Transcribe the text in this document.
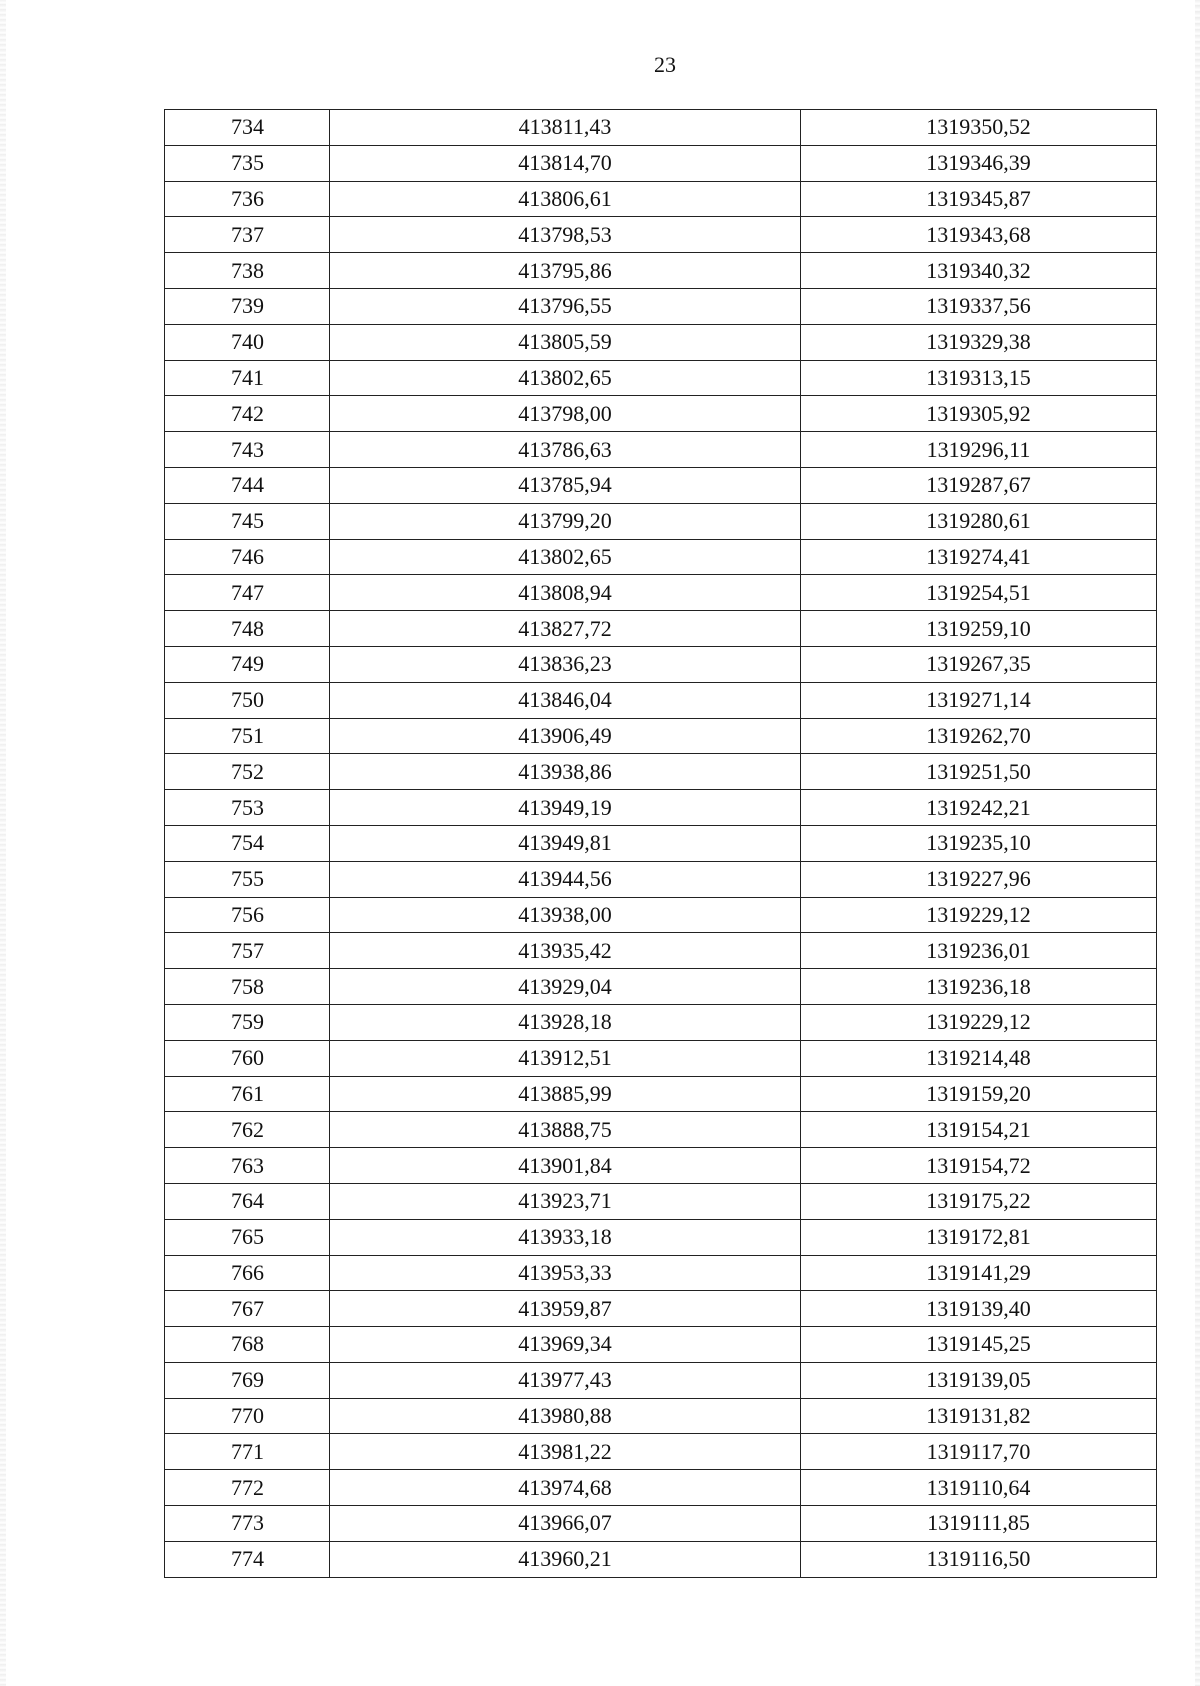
23
734	413811,43	1319350,52
735	413814,70	1319346,39
736	413806,61	1319345,87
737	413798,53	1319343,68
738	413795,86	1319340,32
739	413796,55	1319337,56
740	413805,59	1319329,38
741	413802,65	1319313,15
742	413798,00	1319305,92
743	413786,63	1319296,11
744	413785,94	1319287,67
745	413799,20	1319280,61
746	413802,65	1319274,41
747	413808,94	1319254,51
748	413827,72	1319259,10
749	413836,23	1319267,35
750	413846,04	1319271,14
751	413906,49	1319262,70
752	413938,86	1319251,50
753	413949,19	1319242,21
754	413949,81	1319235,10
755	413944,56	1319227,96
756	413938,00	1319229,12
757	413935,42	1319236,01
758	413929,04	1319236,18
759	413928,18	1319229,12
760	413912,51	1319214,48
761	413885,99	1319159,20
762	413888,75	1319154,21
763	413901,84	1319154,72
764	413923,71	1319175,22
765	413933,18	1319172,81
766	413953,33	1319141,29
767	413959,87	1319139,40
768	413969,34	1319145,25
769	413977,43	1319139,05
770	413980,88	1319131,82
771	413981,22	1319117,70
772	413974,68	1319110,64
773	413966,07	1319111,85
774	413960,21	1319116,50
